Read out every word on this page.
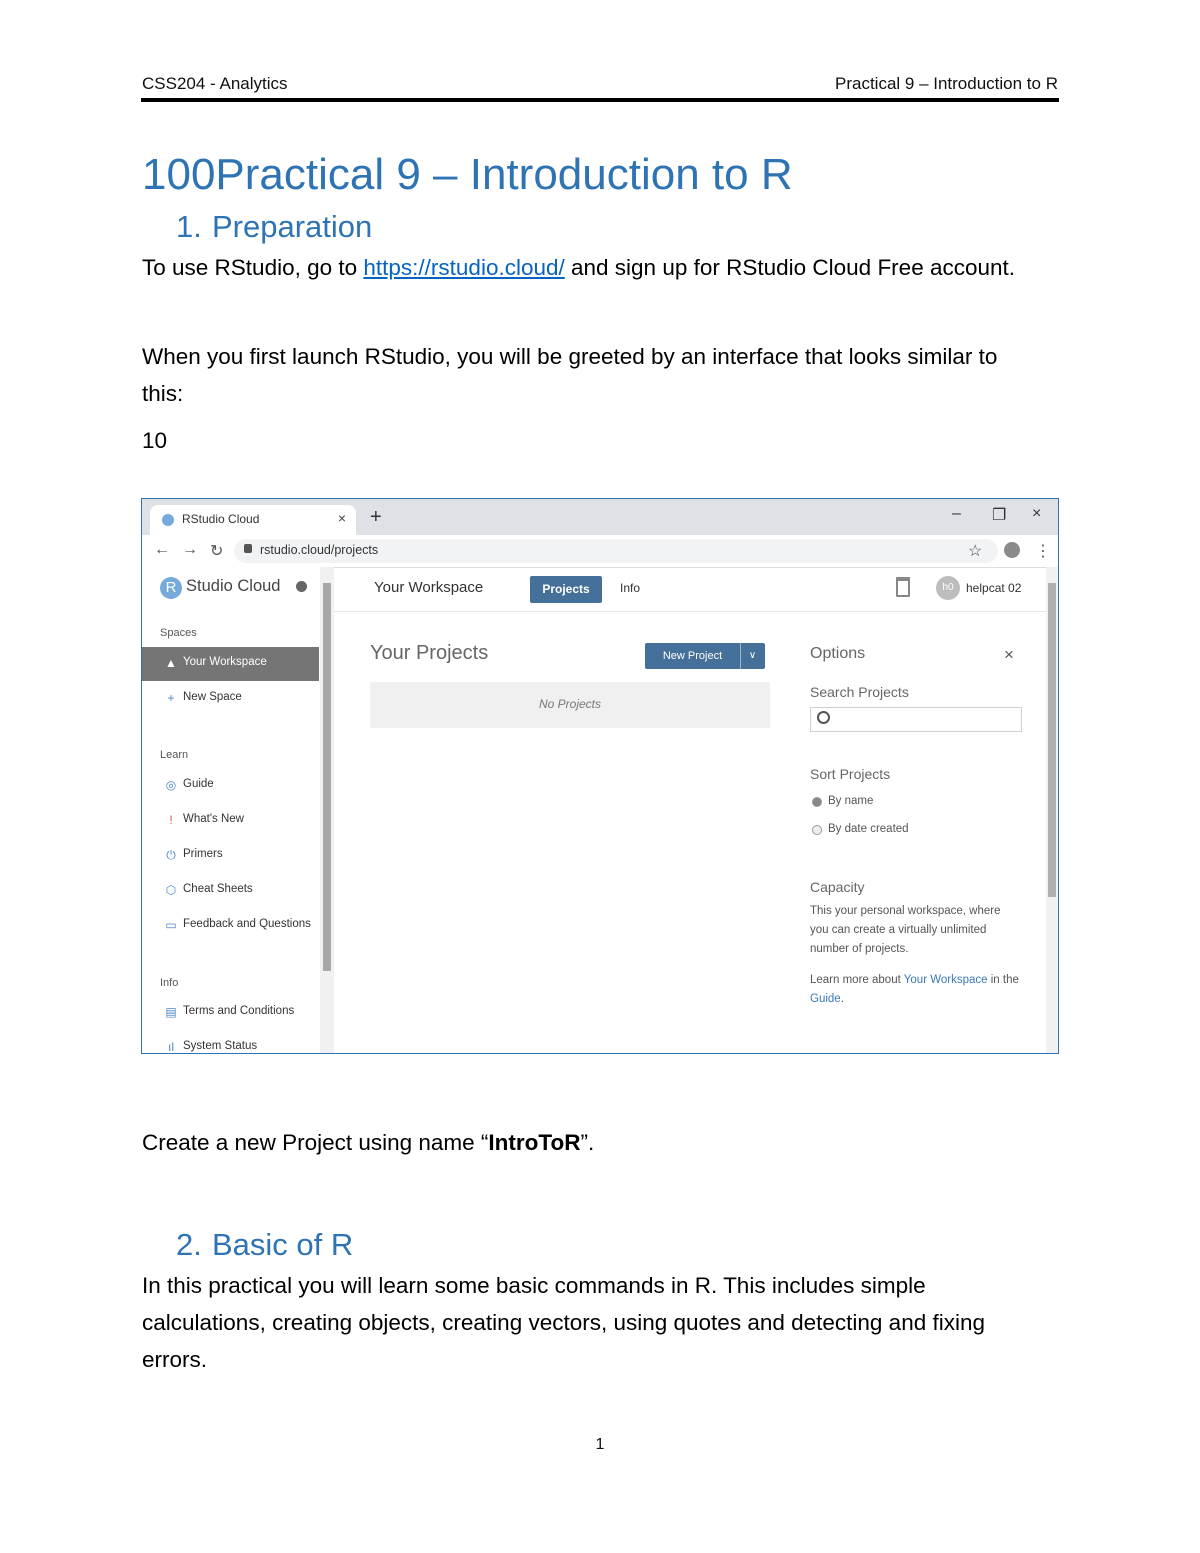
CSS204 - Analytics	Practical 9 – Introduction to R
100Practical 9 – Introduction to R
1. Preparation
To use RStudio, go to https://rstudio.cloud/ and sign up for RStudio Cloud Free account.
When you first launch RStudio, you will be greeted by an interface that looks similar to this:
10
RStudio Cloud	× +	– ❐ ×
← → ↻	rstudio.cloud/projects	☆	⋮
R Studio Cloud
Spaces
▲ Your Workspace
+ New Space
Learn
◎ Guide
! What's New
⏻ Primers
⬡ Cheat Sheets
▭ Feedback and Questions
Info
▤ Terms and Conditions
ıl System Status
Your Workspace	Projects	Info	h0	helpcat 02
Your Projects	New Project	∨
No Projects
Options	×
Search Projects
Sort Projects
By name
By date created
Capacity
This your personal workspace, where you can create a virtually unlimited number of projects.
Learn more about Your Workspace in the Guide.
Create a new Project using name “IntroToR”.
2. Basic of R
In this practical you will learn some basic commands in R. This includes simple calculations, creating objects, creating vectors, using quotes and detecting and fixing errors.
1
